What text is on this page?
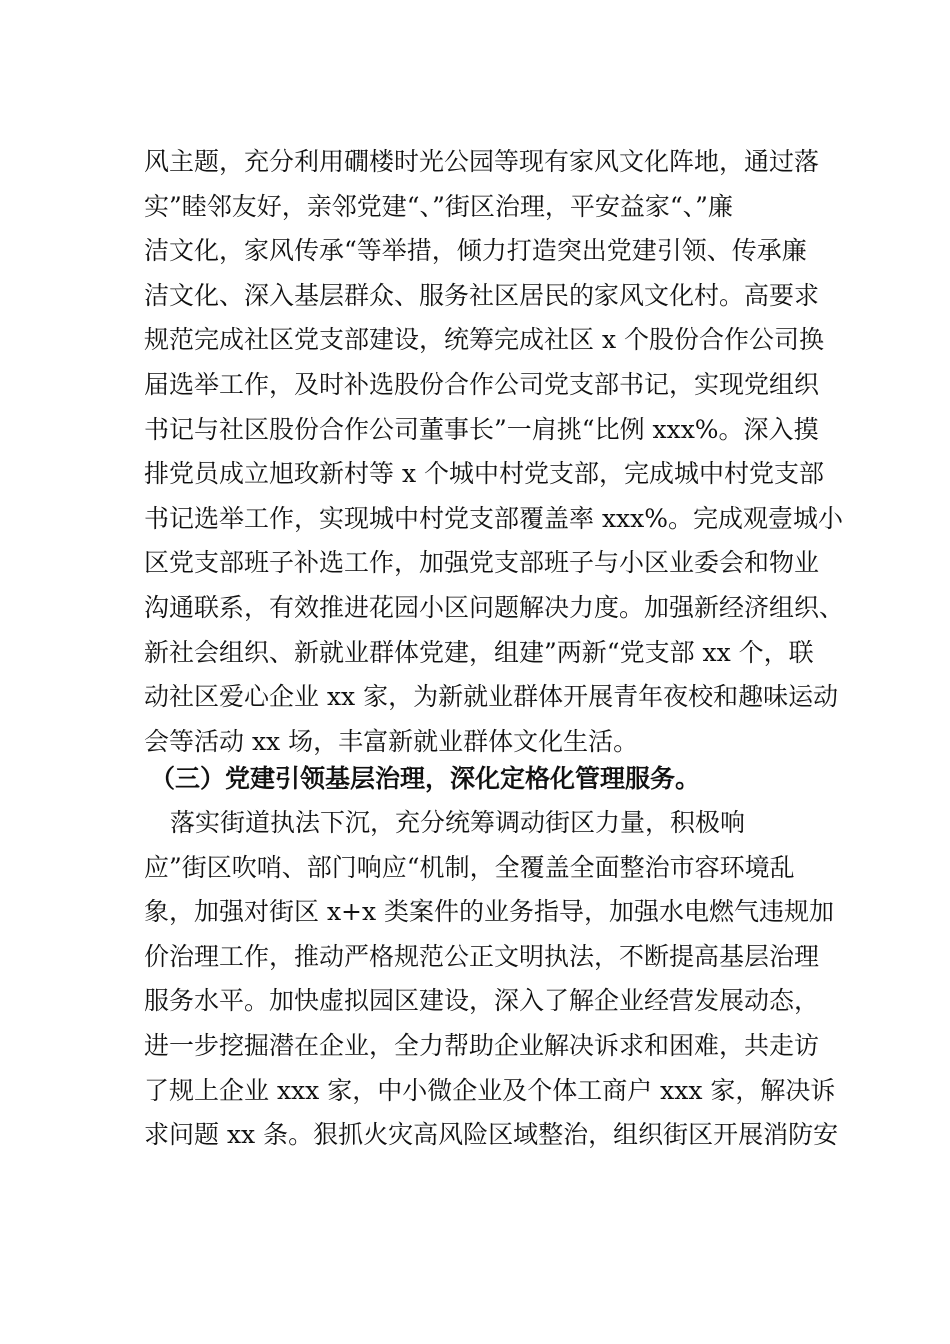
风主题，充分利用礀楼时光公园等现有家风文化阵地，通过落
实”睦邻友好，亲邻党建“、”街区治理，平安益家“、”廉
洁文化，家风传承“等举措，倾力打造突出党建引领、传承廉
洁文化、深入基层群众、服务社区居民的家风文化村。高要求
规范完成社区党支部建设，统筹完成社区 x 个股份合作公司换
届选举工作，及时补选股份合作公司党支部书记，实现党组织
书记与社区股份合作公司董事长”一肩挑“比例 xxx%。深入摸
排党员成立旭玫新村等 x 个城中村党支部，完成城中村党支部
书记选举工作，实现城中村党支部覆盖率 xxx%。完成观壹城小
区党支部班子补选工作，加强党支部班子与小区业委会和物业
沟通联系，有效推进花园小区问题解决力度。加强新经济组织、
新社会组织、新就业群体党建，组建”两新“党支部 xx 个，联
动社区爱心企业 xx 家，为新就业群体开展青年夜校和趣味运动
会等活动 xx 场，丰富新就业群体文化生活。
（三）党建引领基层治理，深化定格化管理服务。
落实街道执法下沉，充分统筹调动街区力量，积极响
应”街区吹哨、部门响应“机制，全覆盖全面整治市容环境乱
象，加强对街区 x+x 类案件的业务指导，加强水电燃气违规加
价治理工作，推动严格规范公正文明执法，不断提高基层治理
服务水平。加快虚拟园区建设，深入了解企业经营发展动态，
进一步挖掘潜在企业，全力帮助企业解决诉求和困难，共走访
了规上企业 xxx 家，中小微企业及个体工商户 xxx 家，解决诉
求问题 xx 条。狠抓火灾高风险区域整治，组织街区开展消防安
